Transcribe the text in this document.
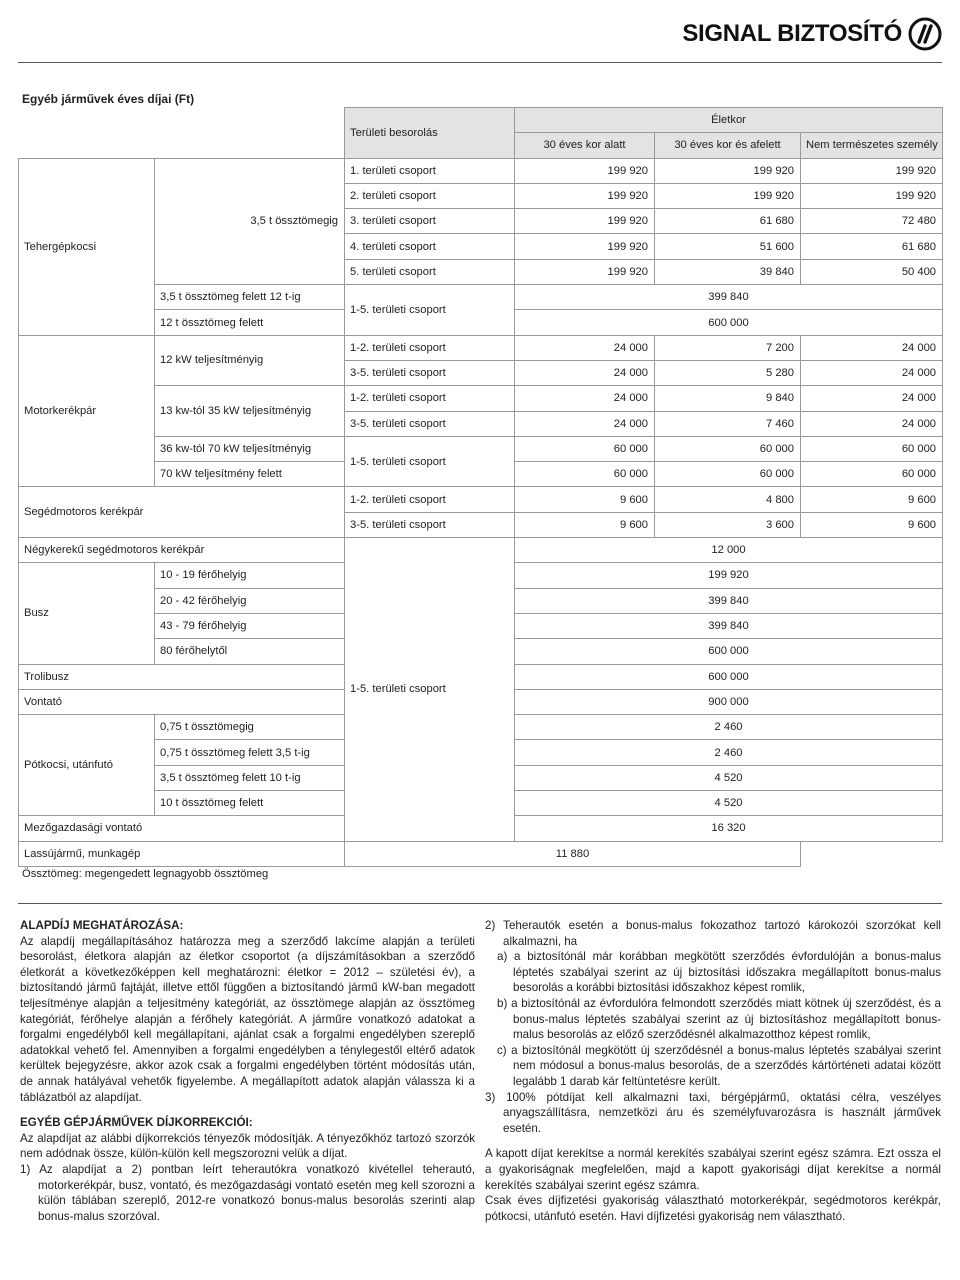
SIGNAL BIZTOSÍTÓ
Egyéb járművek éves díjai (Ft)
		Területi besorolás	Életkor		
			30 éves kor alatt	30 éves kor és afelett	Nem természetes személy
Tehergépkocsi	3,5 t össztömegig	1. területi csoport	199 920	199 920	199 920
		2. területi csoport	199 920	199 920	199 920
		3. területi csoport	199 920	61 680	72 480
		4. területi csoport	199 920	51 600	61 680
		5. területi csoport	199 920	39 840	50 400
	3,5 t össztömeg felett 12 t-ig	1-5. területi csoport	399 840		
	12 t össztömeg felett		600 000		
Motorkerékpár	12 kW teljesítményig	1-2. területi csoport	24 000	7 200	24 000
		3-5. területi csoport	24 000	5 280	24 000
	13 kw-tól 35 kW teljesítményig	1-2. területi csoport	24 000	9 840	24 000
		3-5. területi csoport	24 000	7 460	24 000
	36 kw-tól 70 kW teljesítményig	1-5. területi csoport	60 000	60 000	60 000
	70 kW teljesítmény felett		60 000	60 000	60 000
Segédmotoros kerékpár		1-2. területi csoport	9 600	4 800	9 600
		3-5. területi csoport	9 600	3 600	9 600
Négykerekű segédmotoros kerékpár		1-5. területi csoport	12 000		
Busz	10 - 19 férőhelyig		199 920		
	20 - 42 férőhelyig		399 840		
	43 - 79 férőhelyig		399 840		
	80 férőhelytől		600 000		
Trolibusz			600 000		
Vontató			900 000		
Pótkocsi, utánfutó	0,75 t össztömegig		2 460		
	0,75 t össztömeg felett 3,5 t-ig		2 460		
	3,5 t össztömeg felett 10 t-ig		4 520		
	10 t össztömeg felett		4 520		
Mezőgazdasági vontató			16 320		
Lassújármű, munkagép		11 880			
Össztömeg: megengedett legnagyobb össztömeg

ALAPDÍJ MEGHATÁROZÁSA:

Az alapdíj megállapításához határozza meg a szerződő lakcíme alapján a területi besorolást, életkora alapján az életkor csoportot (a díjszámításokban a szerződő életkorát a következőképpen kell meghatározni: életkor = 2012 – születési év), a biztosítandó jármű fajtáját, illetve ettől függően a biztosítandó jármű kW-ban megadott teljesítménye alapján a teljesítmény kategóriát, az össztömege alapján az össztömeg kategóriát, férőhelye alapján a férőhely kategóriát. A járműre vonatkozó adatokat a forgalmi engedélyből kell megállapítani, ajánlat csak a forgalmi engedélyben szereplő adatokkal vehető fel. Amennyiben a forgalmi engedélyben a ténylegestől eltérő adatok kerültek bejegyzésre, akkor azok csak a forgalmi engedélyben történt módosítás után, de annak hatályával vehetők figyelembe. A megállapított adatok alapján válassza ki a táblázatból az alapdíjat.

EGYÉB GÉPJÁRMŰVEK DÍJKORREKCIÓI:

Az alapdíjat az alábbi díjkorrekciós tényezők módosítják. A tényezőkhöz tartozó szorzók nem adódnak össze, külön-külön kell megszorozni velük a díjat.

1) Az alapdíjat a 2) pontban leírt teherautókra vonatkozó kivétellel teherautó, motorkerékpár, busz, vontató, és mezőgazdasági vontató esetén meg kell szorozni a külön táblában szereplő, 2012-re vonatkozó bonus-malus besorolás szerinti alap bonus-malus szorzóval.

2) Teherautók esetén a bonus-malus fokozathoz tartozó károkozói szorzókat kell alkalmazni, ha

a) a biztosítónál már korábban megkötött szerződés évfordulóján a bonus-malus léptetés szabályai szerint az új biztosítási időszakra megállapított bonus-malus besorolás a korábbi biztosítási időszakhoz képest romlik,

b) a biztosítónál az évfordulóra felmondott szerződés miatt kötnek új szerződést, és a bonus-malus léptetés szabályai szerint az új biztosításhoz megállapított bonus-malus besorolás az előző szerződésnél alkalmazotthoz képest romlik,

c) a biztosítónál megkötött új szerződésnél a bonus-malus léptetés szabályai szerint nem módosul a bonus-malus besorolás, de a szerződés kártörténeti adatai között legalább 1 darab kár feltüntetésre került.

3) 100% pótdíjat kell alkalmazni taxi, bérgépjármű, oktatási célra, veszélyes anyagszállításra, nemzetközi áru és személyfuvarozásra is használt járművek esetén.

A kapott díjat kerekítse a normál kerekítés szabályai szerint egész számra. Ezt ossza el a gyakoriságnak megfelelően, majd a kapott gyakorisági díjat kerekítse a normál kerekítés szabályai szerint egész számra.

Csak éves díjfizetési gyakoriság választható motorkerékpár, segédmotoros kerékpár, pótkocsi, utánfutó esetén. Havi díjfizetési gyakoriság nem választható.
